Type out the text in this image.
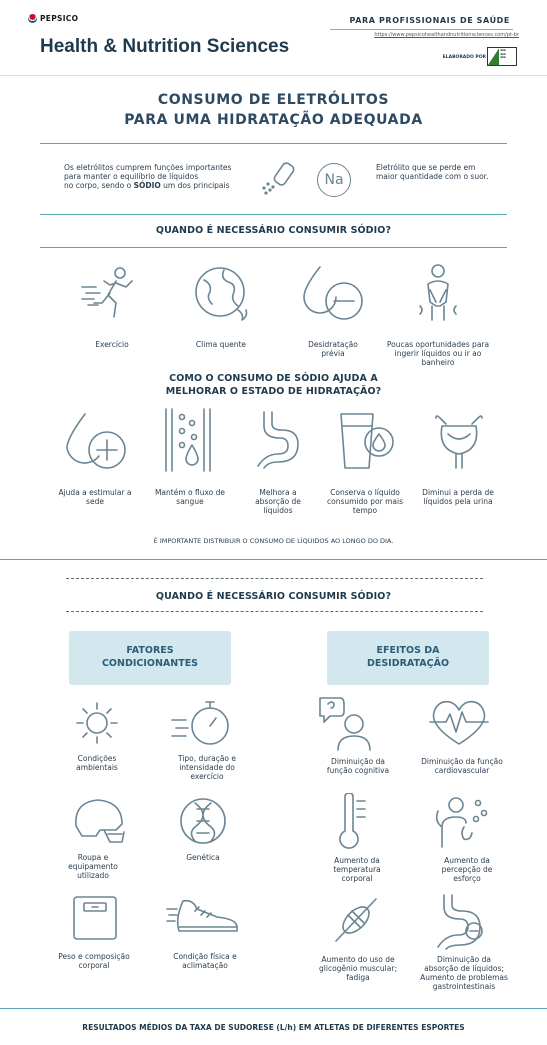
PEPSICO
Health & Nutrition Sciences
PARA PROFISSIONAIS DE SAÚDE
https://www.pepsicohealthandnutritionsciences.com/pt-br
ELABORADO POR
▬▬
▬▬
▬▬
CONSUMO DE ELETRÓLITOS
PARA UMA HIDRATAÇÃO ADEQUADA
Os eletrólitos cumprem funções importantes
para manter o equilíbrio de líquidos
no corpo, sendo o SÓDIO um dos principais	Na
Eletrólito que se perde em
maior quantidade com o suor.
QUANDO É NECESSÁRIO CONSUMIR SÓDIO?
Exercício	Clima quente	Desidratação prévia
Poucas oportunidades para ingerir líquidos ou ir ao banheiro
COMO O CONSUMO DE SÓDIO AJUDA A
MELHORAR O ESTADO DE HIDRATAÇÃO?
Ajuda a estimular a sede
Mantém o fluxo de sangue
Melhora a absorção de líquidos
Conserva o líquido consumido por mais tempo
Diminui a perda de líquidos pela urina
É IMPORTANTE DISTRIBUIR O CONSUMO DE LÍQUIDOS AO LONGO DO DIA.
QUANDO É NECESSÁRIO CONSUMIR SÓDIO?
FATORES
CONDICIONANTES
EFEITOS DA
DESIDRATAÇÃO
Condições ambientais
Tipo, duração e intensidade do exercício
Roupa e equipamento utilizado
Genética
Peso e composição corporal
Condição física e aclimatação
Diminuição da função cognitiva
Diminuição da função cardiovascular
Aumento da temperatura corporal
Aumento da percepção de esforço
Aumento do uso de glicogênio muscular; fadiga
Diminuição da absorção de líquidos; Aumento de problemas gastrointestinais
RESULTADOS MÉDIOS DA TAXA DE SUDORESE (L/h) EM ATLETAS DE DIFERENTES ESPORTES
